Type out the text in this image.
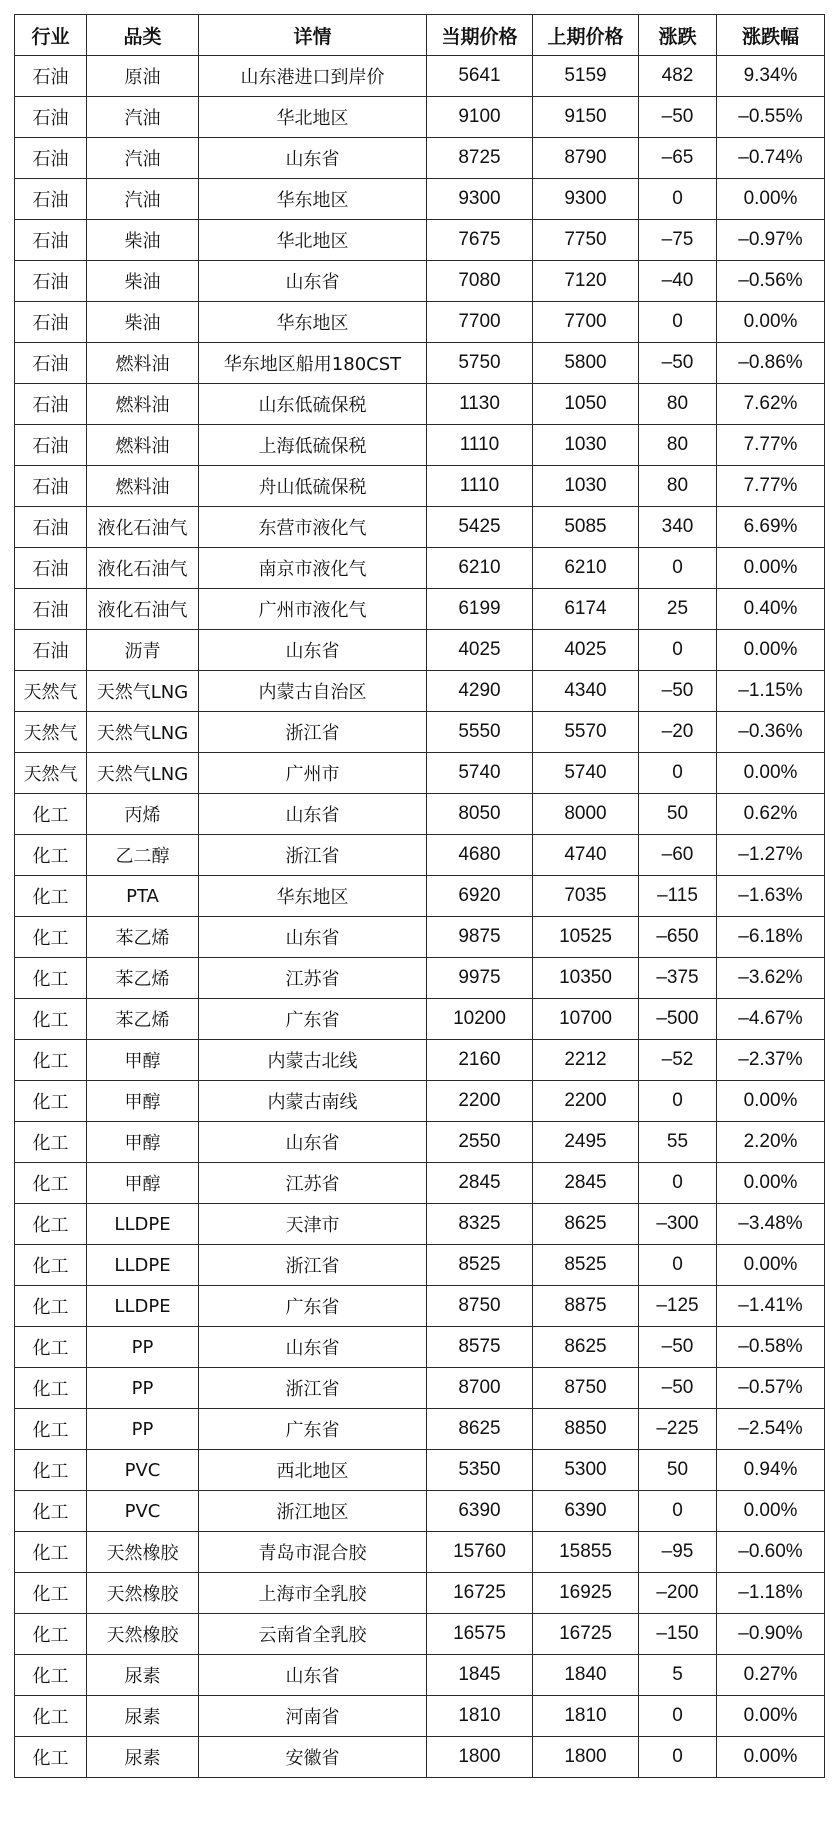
行业	品类	详情	当期价格	上期价格	涨跌	涨跌幅
石油	原油	山东港进口到岸价	5641	5159	482	9.34%
石油	汽油	华北地区	9100	9150	–50	–0.55%
石油	汽油	山东省	8725	8790	–65	–0.74%
石油	汽油	华东地区	9300	9300	0	0.00%
石油	柴油	华北地区	7675	7750	–75	–0.97%
石油	柴油	山东省	7080	7120	–40	–0.56%
石油	柴油	华东地区	7700	7700	0	0.00%
石油	燃料油	华东地区船用180CST	5750	5800	–50	–0.86%
石油	燃料油	山东低硫保税	1130	1050	80	7.62%
石油	燃料油	上海低硫保税	1110	1030	80	7.77%
石油	燃料油	舟山低硫保税	1110	1030	80	7.77%
石油	液化石油气	东营市液化气	5425	5085	340	6.69%
石油	液化石油气	南京市液化气	6210	6210	0	0.00%
石油	液化石油气	广州市液化气	6199	6174	25	0.40%
石油	沥青	山东省	4025	4025	0	0.00%
天然气	天然气LNG	内蒙古自治区	4290	4340	–50	–1.15%
天然气	天然气LNG	浙江省	5550	5570	–20	–0.36%
天然气	天然气LNG	广州市	5740	5740	0	0.00%
化工	丙烯	山东省	8050	8000	50	0.62%
化工	乙二醇	浙江省	4680	4740	–60	–1.27%
化工	PTA	华东地区	6920	7035	–115	–1.63%
化工	苯乙烯	山东省	9875	10525	–650	–6.18%
化工	苯乙烯	江苏省	9975	10350	–375	–3.62%
化工	苯乙烯	广东省	10200	10700	–500	–4.67%
化工	甲醇	内蒙古北线	2160	2212	–52	–2.37%
化工	甲醇	内蒙古南线	2200	2200	0	0.00%
化工	甲醇	山东省	2550	2495	55	2.20%
化工	甲醇	江苏省	2845	2845	0	0.00%
化工	LLDPE	天津市	8325	8625	–300	–3.48%
化工	LLDPE	浙江省	8525	8525	0	0.00%
化工	LLDPE	广东省	8750	8875	–125	–1.41%
化工	PP	山东省	8575	8625	–50	–0.58%
化工	PP	浙江省	8700	8750	–50	–0.57%
化工	PP	广东省	8625	8850	–225	–2.54%
化工	PVC	西北地区	5350	5300	50	0.94%
化工	PVC	浙江地区	6390	6390	0	0.00%
化工	天然橡胶	青岛市混合胶	15760	15855	–95	–0.60%
化工	天然橡胶	上海市全乳胶	16725	16925	–200	–1.18%
化工	天然橡胶	云南省全乳胶	16575	16725	–150	–0.90%
化工	尿素	山东省	1845	1840	5	0.27%
化工	尿素	河南省	1810	1810	0	0.00%
化工	尿素	安徽省	1800	1800	0	0.00%
